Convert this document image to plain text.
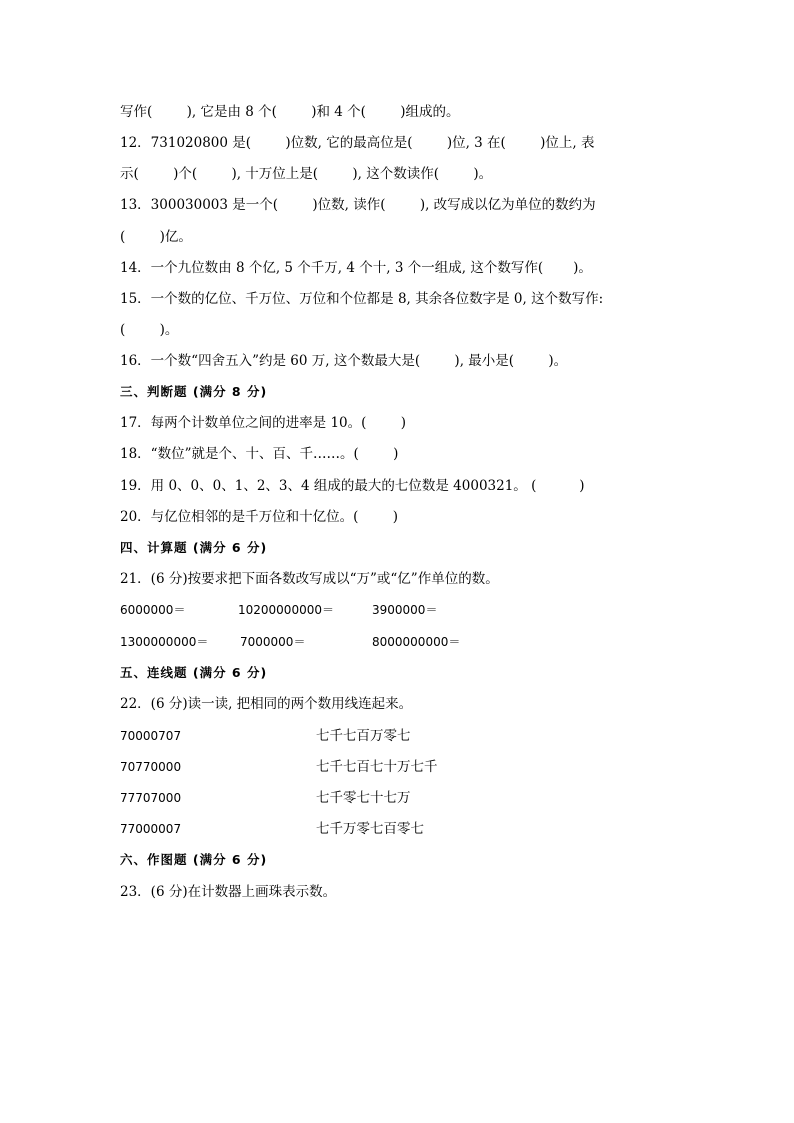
写作(        ), 它是由 8 个(        )和 4 个(        )组成的。
12．731020800 是(        )位数, 它的最高位是(        )位, 3 在(        )位上, 表
示(        )个(        ), 十万位上是(        ), 这个数读作(        )。
13．300030003 是一个(        )位数, 读作(        ), 改写成以亿为单位的数约为
(        )亿。
14．一个九位数由 8 个亿, 5 个千万, 4 个十, 3 个一组成, 这个数写作(       )。
15．一个数的亿位、千万位、万位和个位都是 8, 其余各位数字是 0, 这个数写作:
(        )。
16．一个数“四舍五入”约是 60 万, 这个数最大是(        ), 最小是(        )。
三、判断题 (满分 8 分)
17．每两个计数单位之间的进率是 10。(        )
18．“数位”就是个、十、百、千……。(        )
19．用 0、0、0、1、2、3、4 组成的最大的七位数是 4000321。 (          )
20．与亿位相邻的是千万位和十亿位。(        )
四、计算题 (满分 6 分)
21．(6 分)按要求把下面各数改写成以“万”或“亿”作单位的数。
6000000＝	10200000000＝	3900000＝
1300000000＝	7000000＝	8000000000＝
五、连线题 (满分 6 分)
22．(6 分)读一读, 把相同的两个数用线连起来。
70000707	七千七百万零七
70770000	七千七百七十万七千
77707000	七千零七十七万
77000007	七千万零七百零七
六、作图题 (满分 6 分)
23．(6 分)在计数器上画珠表示数。
